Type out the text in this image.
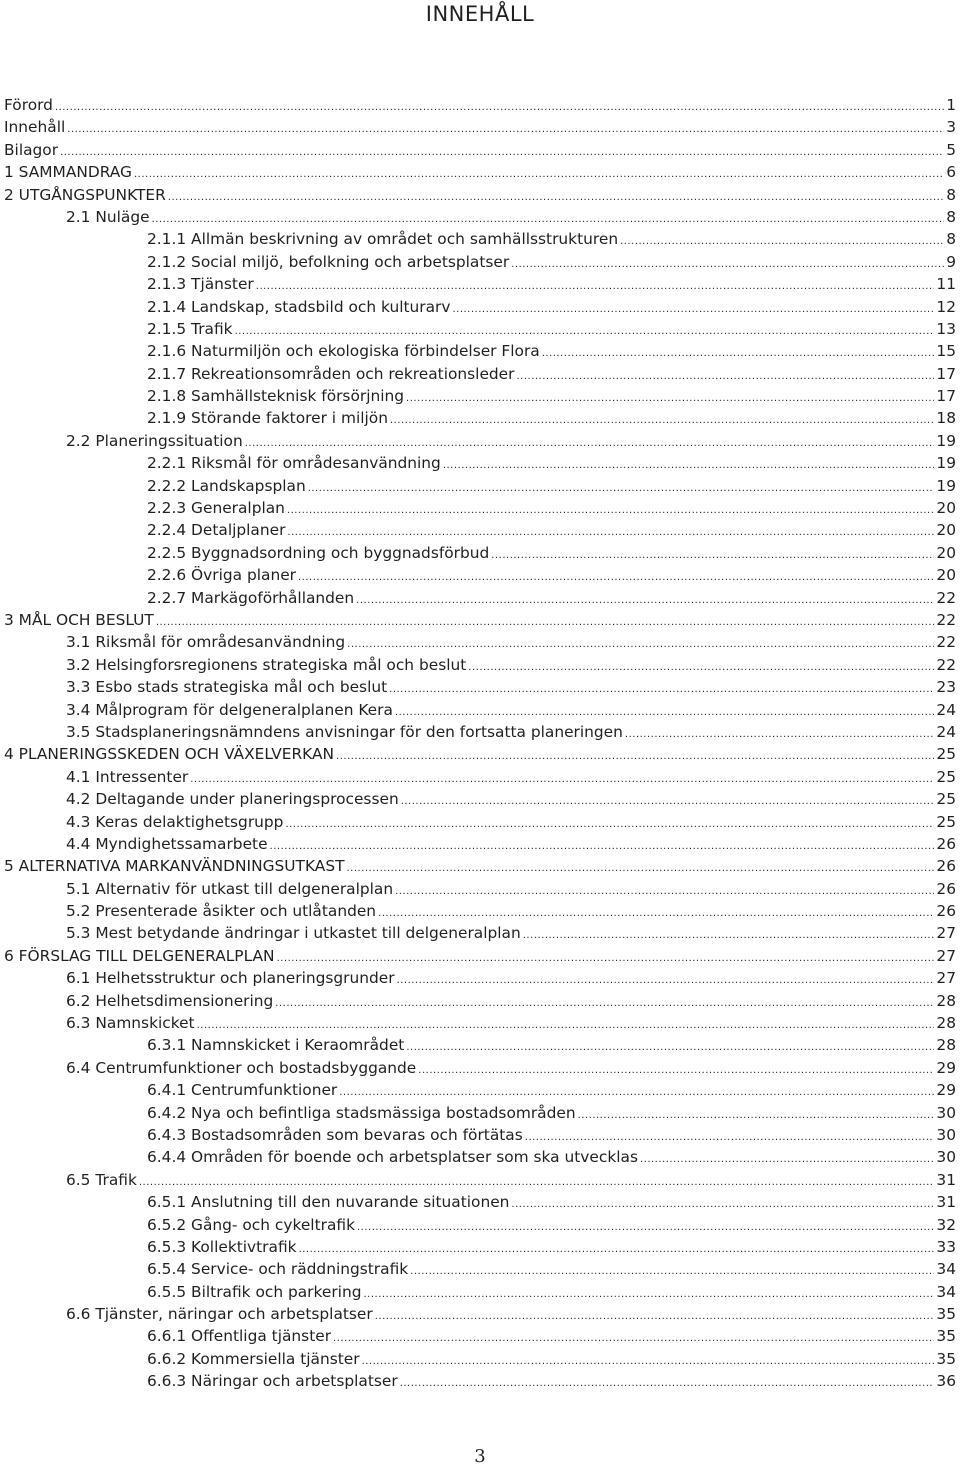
INNEHÅLL
Förord .....	1
Innehåll .....	3
Bilagor .....	5
1 SAMMANDRAG .....	6
2 UTGÅNGSPUNKTER .....	8
2.1 Nuläge .....	8
2.1.1 Allmän beskrivning av området och samhällsstrukturen .....	8
2.1.2 Social miljö, befolkning och arbetsplatser .....	9
2.1.3 Tjänster .....	11
2.1.4 Landskap, stadsbild och kulturarv .....	12
2.1.5 Trafik .....	13
2.1.6 Naturmiljön och ekologiska förbindelser Flora .....	15
2.1.7 Rekreationsområden och rekreationsleder .....	17
2.1.8 Samhällsteknisk försörjning .....	17
2.1.9 Störande faktorer i miljön .....	18
2.2 Planeringssituation .....	19
2.2.1 Riksmål för områdesanvändning .....	19
2.2.2 Landskapsplan .....	19
2.2.3 Generalplan .....	20
2.2.4 Detaljplaner .....	20
2.2.5 Byggnadsordning och byggnadsförbud .....	20
2.2.6 Övriga planer .....	20
2.2.7 Markägoförhållanden .....	22
3 MÅL OCH BESLUT .....	22
3.1 Riksmål för områdesanvändning .....	22
3.2 Helsingforsregionens strategiska mål och beslut .....	22
3.3 Esbo stads strategiska mål och beslut .....	23
3.4 Målprogram för delgeneralplanen Kera .....	24
3.5 Stadsplaneringsnämndens anvisningar för den fortsatta planeringen .....	24
4 PLANERINGSSKEDEN OCH VÄXELVERKAN .....	25
4.1 Intressenter .....	25
4.2 Deltagande under planeringsprocessen .....	25
4.3 Keras delaktighetsgrupp .....	25
4.4 Myndighetssamarbete .....	26
5 ALTERNATIVA MARKANVÄNDNINGSUTKAST .....	26
5.1 Alternativ för utkast till delgeneralplan .....	26
5.2 Presenterade åsikter och utlåtanden .....	26
5.3 Mest betydande ändringar i utkastet till delgeneralplan .....	27
6 FÖRSLAG TILL DELGENERALPLAN .....	27
6.1 Helhetsstruktur och planeringsgrunder .....	27
6.2 Helhetsdimensionering .....	28
6.3 Namnskicket .....	28
6.3.1 Namnskicket i Keraområdet .....	28
6.4 Centrumfunktioner och bostadsbyggande .....	29
6.4.1 Centrumfunktioner .....	29
6.4.2 Nya och befintliga stadsmässiga bostadsområden .....	30
6.4.3 Bostadsområden som bevaras och förtätas .....	30
6.4.4 Områden för boende och arbetsplatser som ska utvecklas .....	30
6.5 Trafik .....	31
6.5.1 Anslutning till den nuvarande situationen .....	31
6.5.2 Gång- och cykeltrafik .....	32
6.5.3 Kollektivtrafik .....	33
6.5.4 Service- och räddningstrafik .....	34
6.5.5 Biltrafik och parkering .....	34
6.6 Tjänster, näringar och arbetsplatser .....	35
6.6.1 Offentliga tjänster .....	35
6.6.2 Kommersiella tjänster .....	35
6.6.3 Näringar och arbetsplatser .....	36
3
